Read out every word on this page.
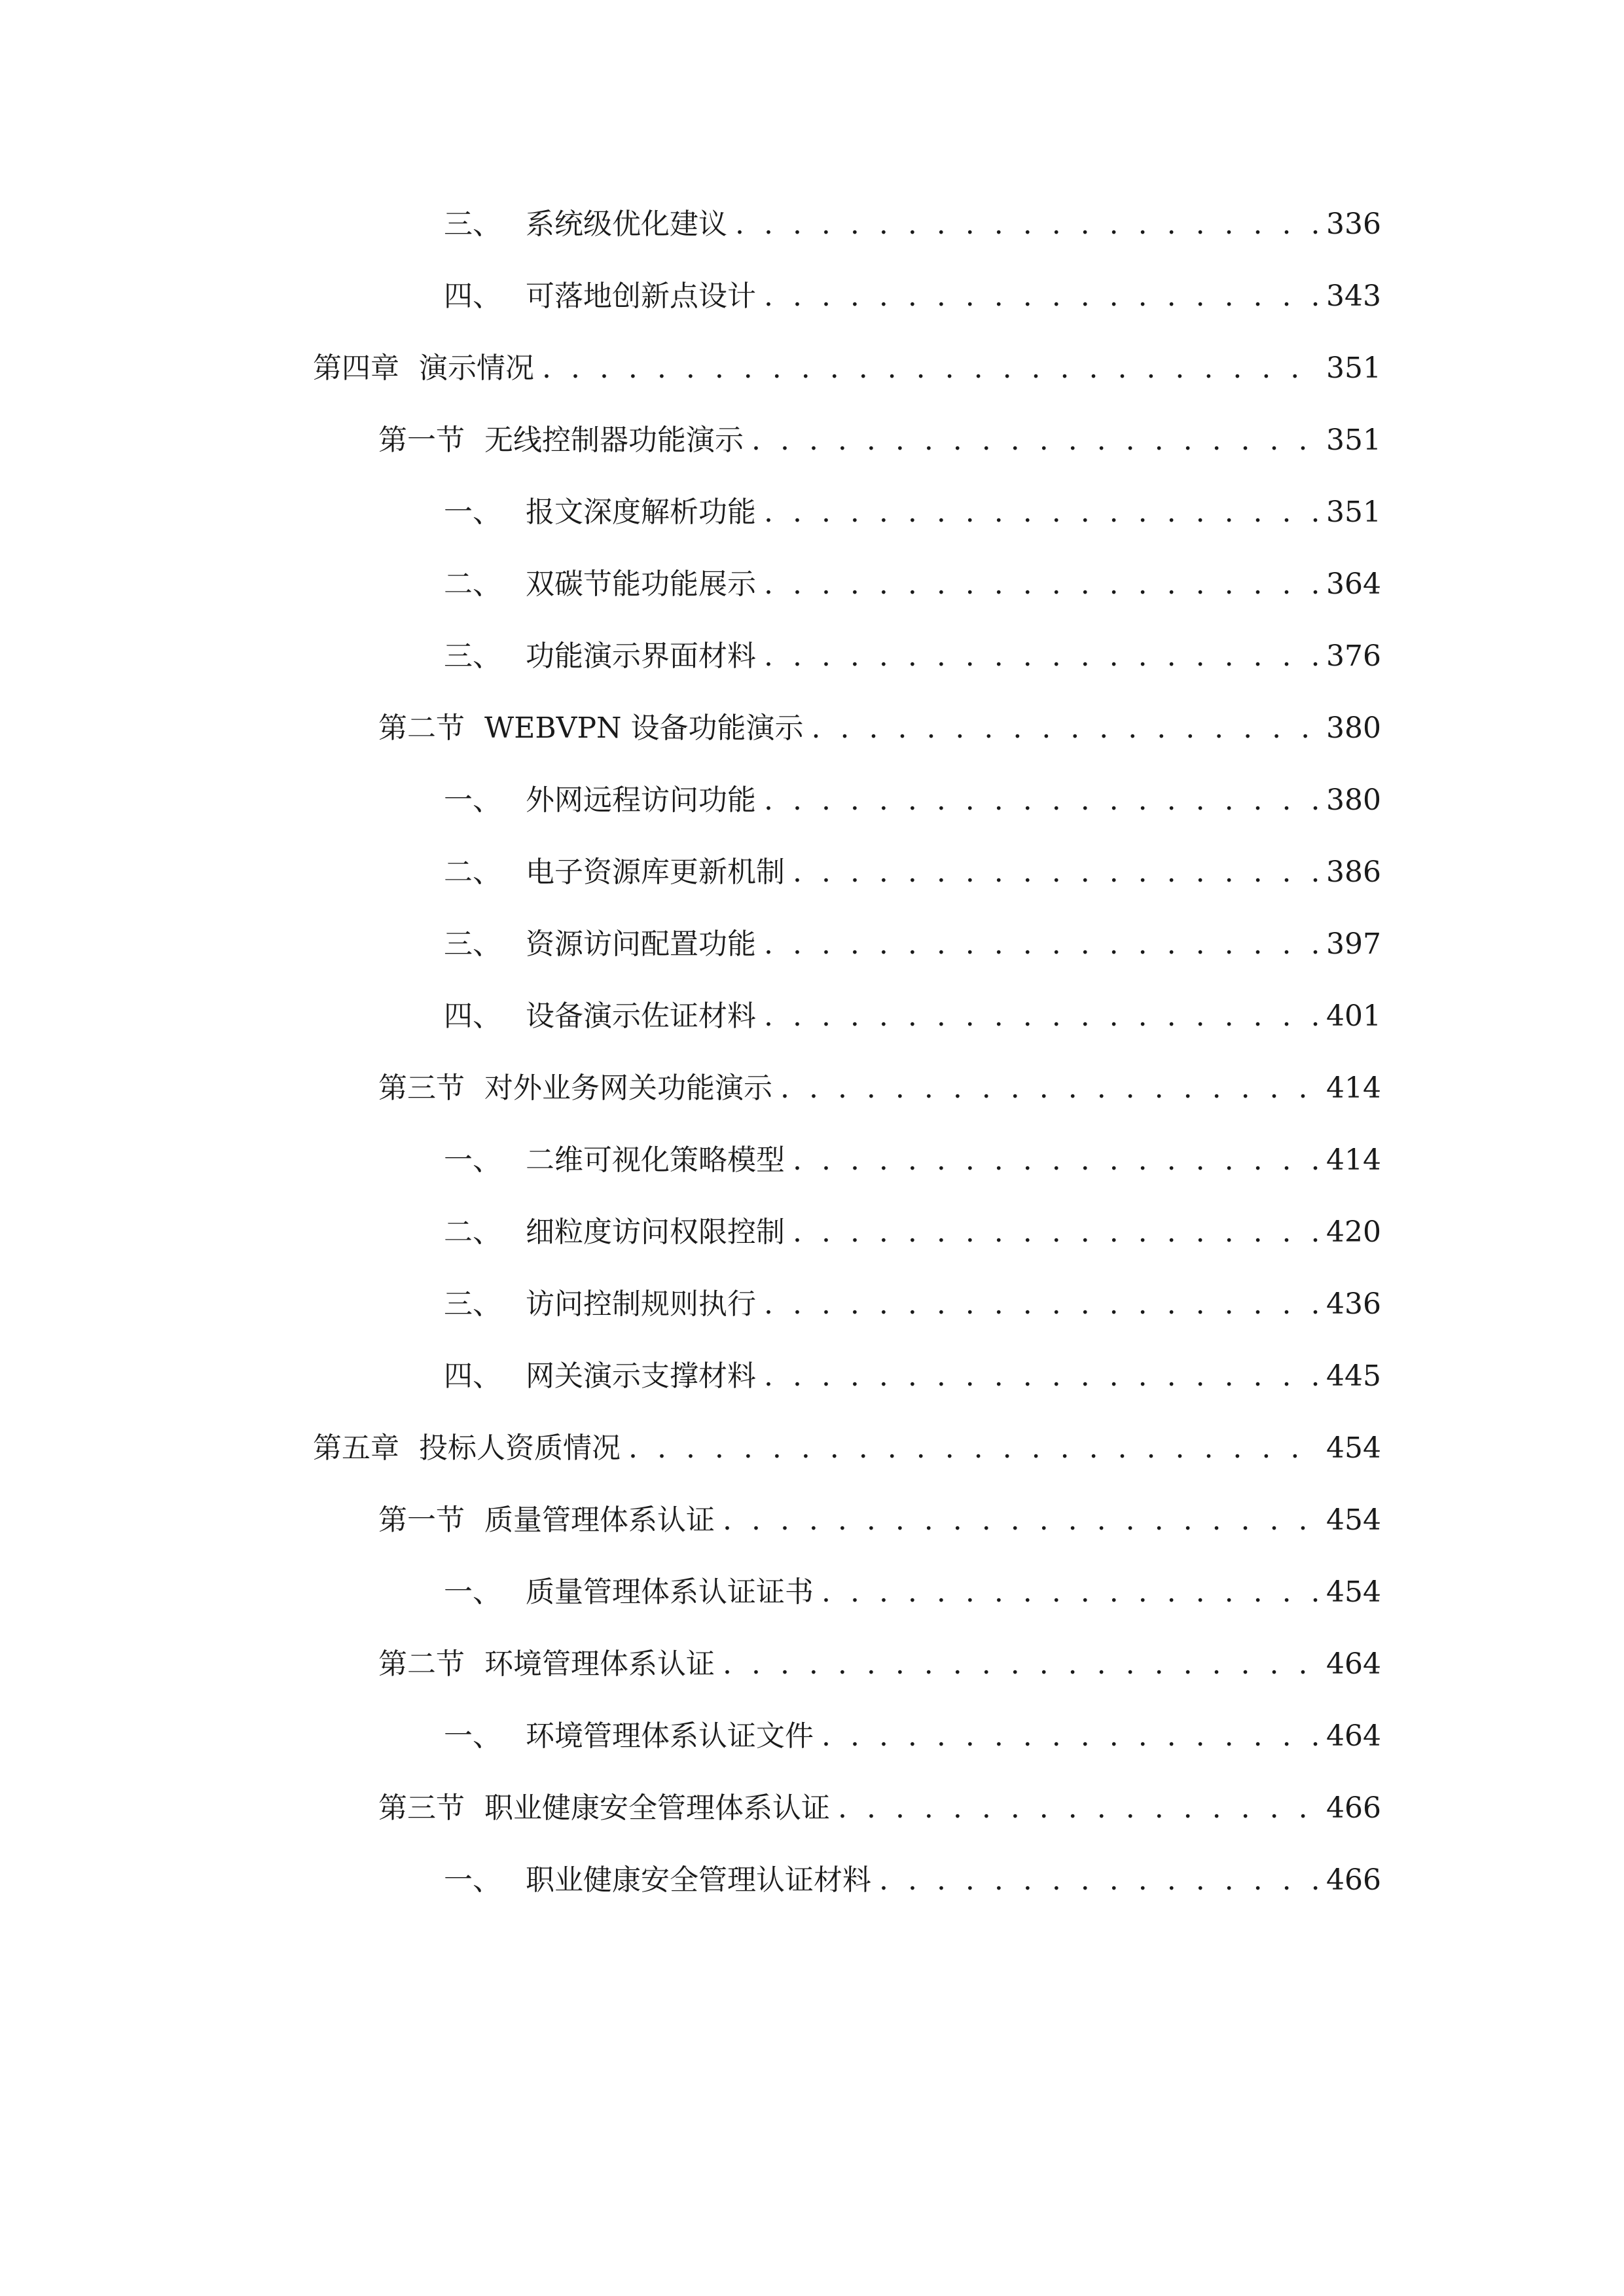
三、 系统级优化建议 . . .	336
四、 可落地创新点设计 . . .	343
第四章 演示情况 . . .	351
第一节 无线控制器功能演示 . . .	351
一、 报文深度解析功能 . . .	351
二、 双碳节能功能展示 . . .	364
三、 功能演示界面材料 . . .	376
第二节 WEBVPN 设备功能演示 . . .	380
一、 外网远程访问功能 . . .	380
二、 电子资源库更新机制 . . .	386
三、 资源访问配置功能 . . .	397
四、 设备演示佐证材料 . . .	401
第三节 对外业务网关功能演示 . . .	414
一、 二维可视化策略模型 . . .	414
二、 细粒度访问权限控制 . . .	420
三、 访问控制规则执行 . . .	436
四、 网关演示支撑材料 . . .	445
第五章 投标人资质情况 . . .	454
第一节 质量管理体系认证 . . .	454
一、 质量管理体系认证证书 . . .	454
第二节 环境管理体系认证 . . .	464
一、 环境管理体系认证文件 . . .	464
第三节 职业健康安全管理体系认证 . . .	466
一、 职业健康安全管理认证材料 . . .	466
